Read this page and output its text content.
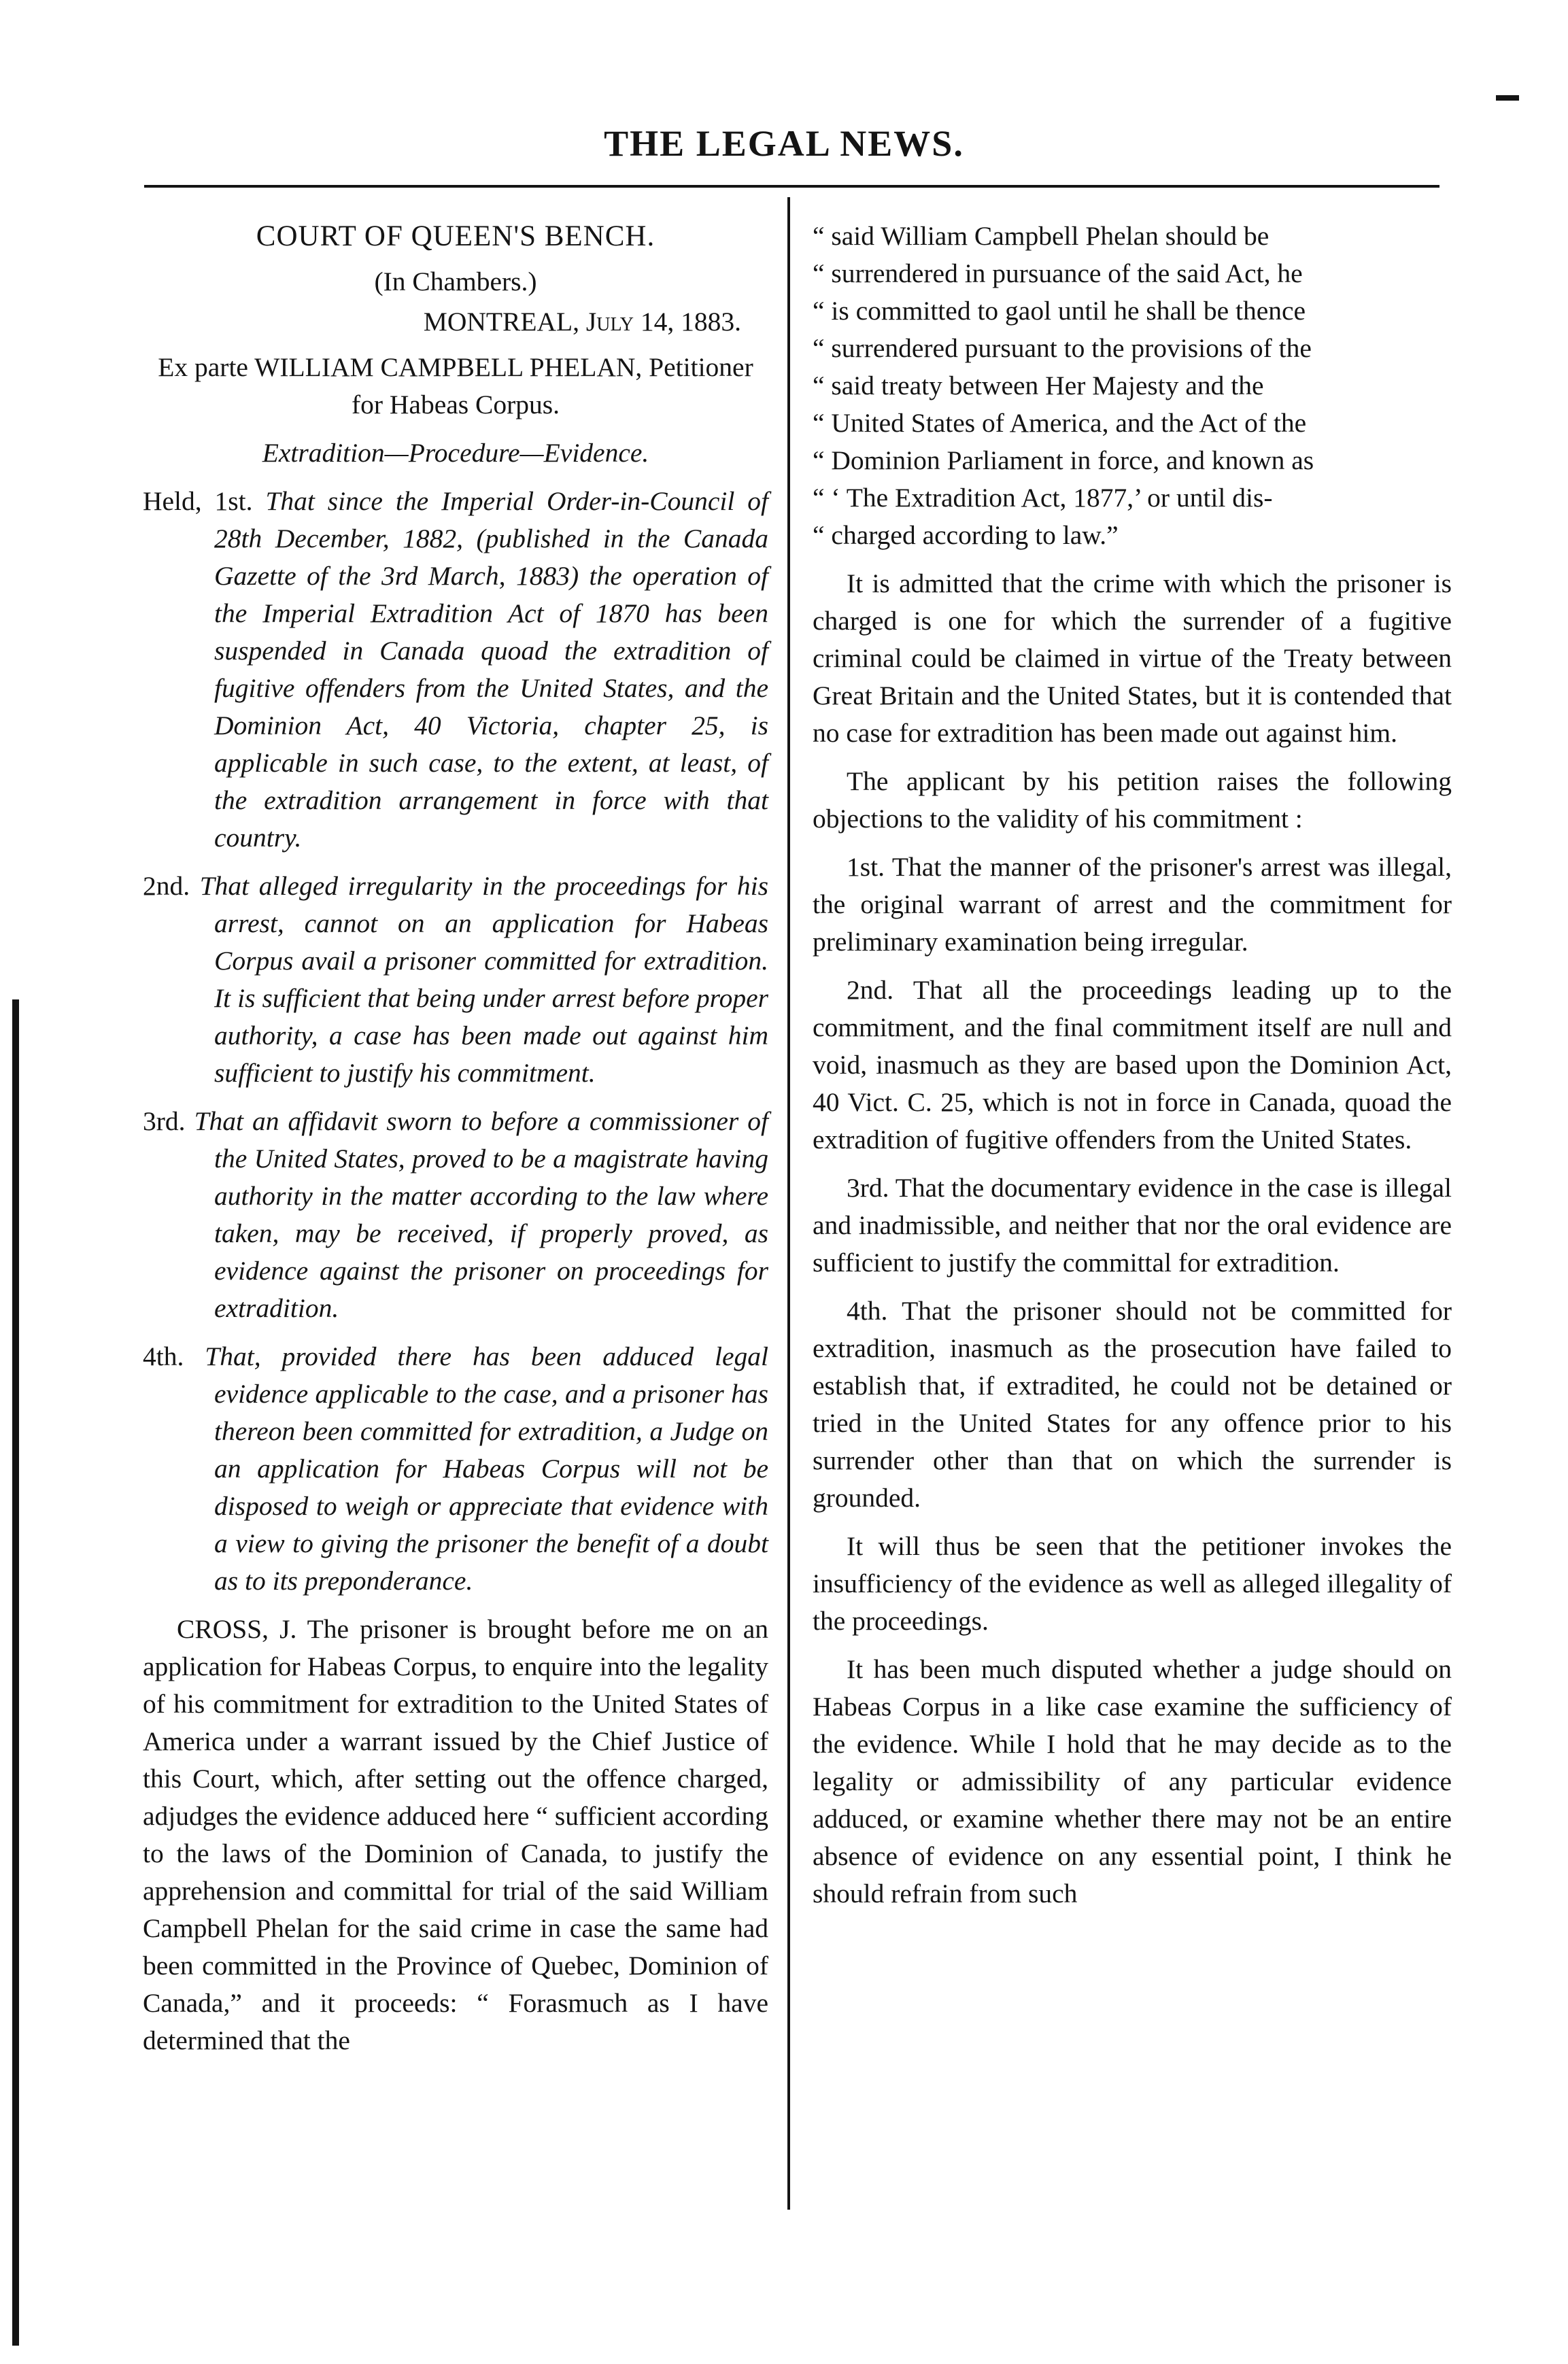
THE LEGAL NEWS.

COURT OF QUEEN'S BENCH.

(In Chambers.)

MONTREAL, July 14, 1883.

Ex parte WILLIAM CAMPBELL PHELAN, Petitioner for Habeas Corpus.

Extradition—Procedure—Evidence.

Held, 1st. That since the Imperial Order-in-Council of 28th December, 1882, (published in the Canada Gazette of the 3rd March, 1883) the operation of the Imperial Extradition Act of 1870 has been suspended in Canada quoad the extradition of fugitive offenders from the United States, and the Dominion Act, 40 Victoria, chapter 25, is applicable in such case, to the extent, at least, of the extradition arrangement in force with that country.

2nd. That alleged irregularity in the proceedings for his arrest, cannot on an application for Habeas Corpus avail a prisoner committed for extradition. It is sufficient that being under arrest before proper authority, a case has been made out against him sufficient to justify his commitment.

3rd. That an affidavit sworn to before a commissioner of the United States, proved to be a magistrate having authority in the matter according to the law where taken, may be received, if properly proved, as evidence against the prisoner on proceedings for extradition.

4th. That, provided there has been adduced legal evidence applicable to the case, and a prisoner has thereon been committed for extradition, a Judge on an application for Habeas Corpus will not be disposed to weigh or appreciate that evidence with a view to giving the prisoner the benefit of a doubt as to its preponderance.

CROSS, J. The prisoner is brought before me on an application for Habeas Corpus, to enquire into the legality of his commitment for extradition to the United States of America under a warrant issued by the Chief Justice of this Court, which, after setting out the offence charged, adjudges the evidence adduced here “ sufficient according to the laws of the Dominion of Canada, to justify the apprehension and committal for trial of the said William Campbell Phelan for the said crime in case the same had been committed in the Province of Quebec, Dominion of Canada,” and it proceeds: “ Forasmuch as I have determined that the

“ said William Campbell Phelan should be

“ surrendered in pursuance of the said Act, he

“ is committed to gaol until he shall be thence

“ surrendered pursuant to the provisions of the

“ said treaty between Her Majesty and the

“ United States of America, and the Act of the

“ Dominion Parliament in force, and known as

“ ‘ The Extradition Act, 1877,’ or until dis-

“ charged according to law.”

It is admitted that the crime with which the prisoner is charged is one for which the surrender of a fugitive criminal could be claimed in virtue of the Treaty between Great Britain and the United States, but it is contended that no case for extradition has been made out against him.

The applicant by his petition raises the following objections to the validity of his commitment :

1st. That the manner of the prisoner's arrest was illegal, the original warrant of arrest and the commitment for preliminary examination being irregular.

2nd. That all the proceedings leading up to the commitment, and the final commitment itself are null and void, inasmuch as they are based upon the Dominion Act, 40 Vict. C. 25, which is not in force in Canada, quoad the extradition of fugitive offenders from the United States.

3rd. That the documentary evidence in the case is illegal and inadmissible, and neither that nor the oral evidence are sufficient to justify the committal for extradition.

4th. That the prisoner should not be committed for extradition, inasmuch as the prosecution have failed to establish that, if extradited, he could not be detained or tried in the United States for any offence prior to his surrender other than that on which the surrender is grounded.

It will thus be seen that the petitioner invokes the insufficiency of the evidence as well as alleged illegality of the proceedings.

It has been much disputed whether a judge should on Habeas Corpus in a like case examine the sufficiency of the evidence. While I hold that he may decide as to the legality or admissibility of any particular evidence adduced, or examine whether there may not be an entire absence of evidence on any essential point, I think he should refrain from such
